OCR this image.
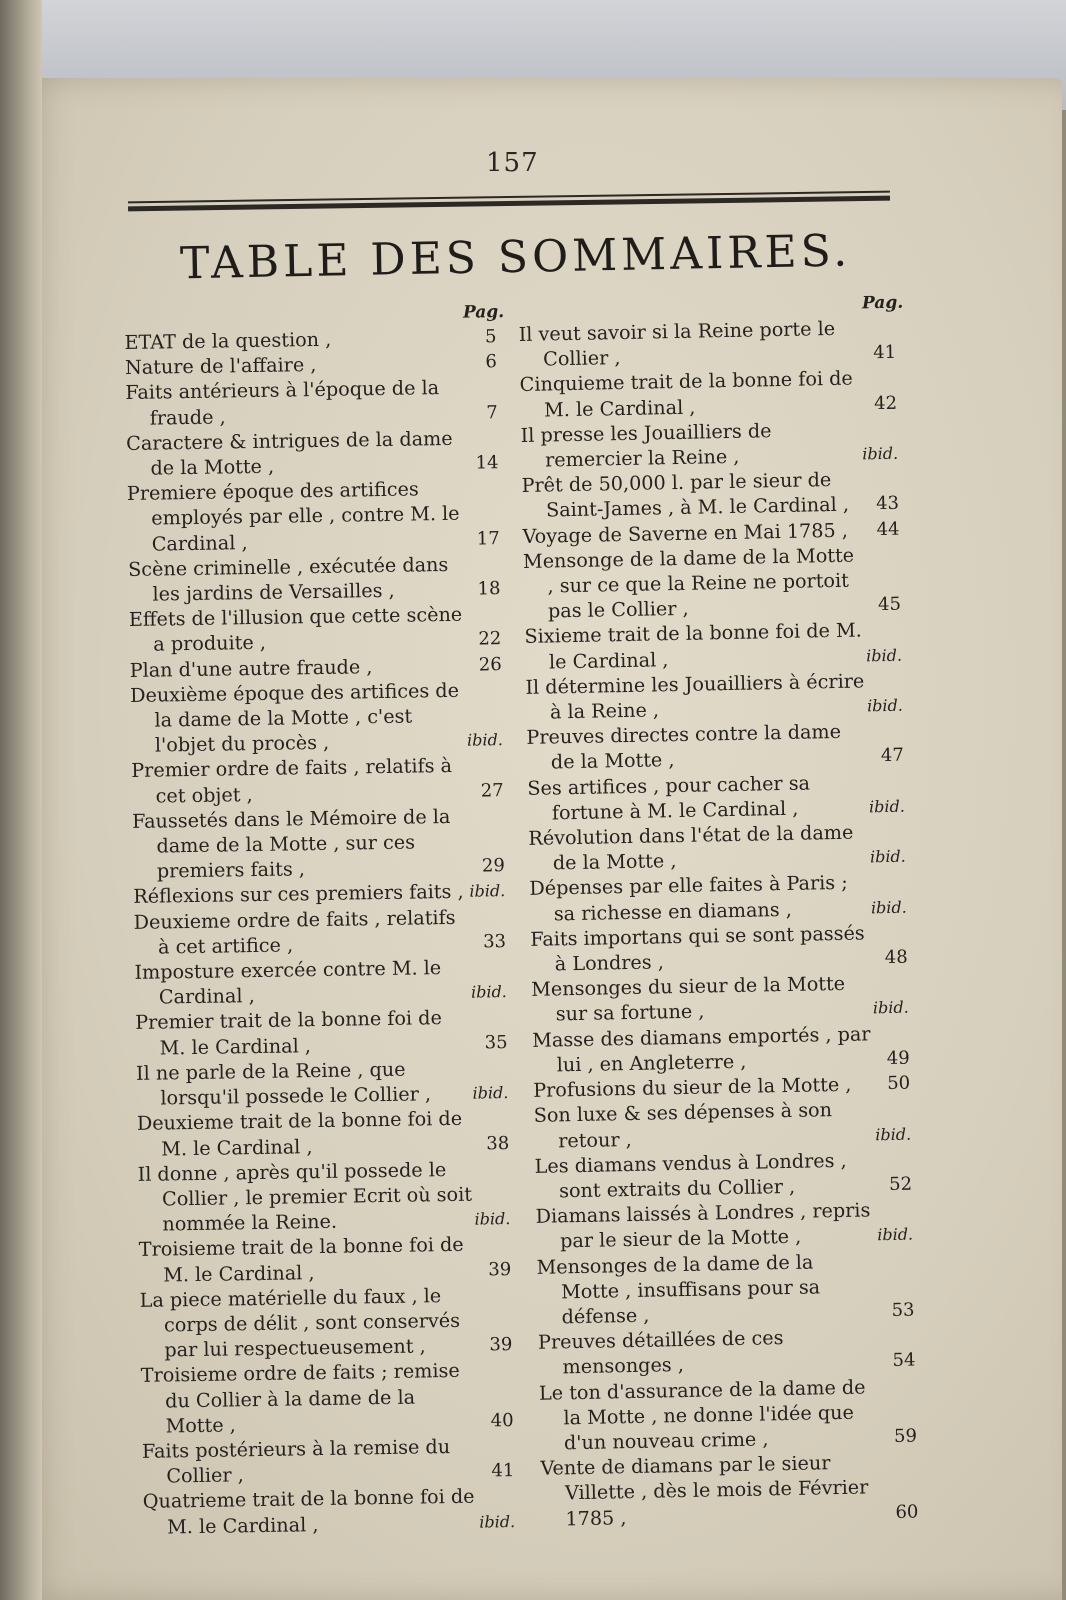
157
TABLE DES SOMMAIRES.
Pag.
ETAT de la question ,	5
Nature de l'affaire ,	6
Faits antérieurs à l'époque de la fraude ,	7
Caractere & intrigues de la dame de la Motte ,	14
Premiere époque des artifices employés par elle , contre M. le Cardinal ,	17
Scène criminelle , exécutée dans les jardins de Versailles ,	18
Effets de l'illusion que cette scène a produite ,	22
Plan d'une autre fraude ,	26
Deuxième époque des artifices de la dame de la Motte , c'est l'objet du procès ,	ibid.
Premier ordre de faits , relatifs à cet objet ,	27
Faussetés dans le Mémoire de la dame de la Motte , sur ces premiers faits ,	29
Réflexions sur ces premiers faits , ibid.
Deuxieme ordre de faits , relatifs à cet artifice ,	33
Imposture exercée contre M. le Cardinal ,	ibid.
Premier trait de la bonne foi de M. le Cardinal ,	35
Il ne parle de la Reine , que lorsqu'il possede le Collier ,	ibid.
Deuxieme trait de la bonne foi de M. le Cardinal ,	38
Il donne , après qu'il possede le Collier , le premier Ecrit où soit nommée la Reine.	ibid.
Troisieme trait de la bonne foi de M. le Cardinal ,	39
La piece matérielle du faux , le corps de délit , sont conservés par lui respectueusement ,	39
Troisieme ordre de faits ; remise du Collier à la dame de la Motte ,	40
Faits postérieurs à la remise du Collier ,	41
Quatrieme trait de la bonne foi de M. le Cardinal ,	ibid.
Pag.
Il veut savoir si la Reine porte le Collier ,	41
Cinquieme trait de la bonne foi de M. le Cardinal ,	42
Il presse les Jouailliers de remercier la Reine ,	ibid.
Prêt de 50,000 l. par le sieur de Saint-James , à M. le Cardinal ,	43
Voyage de Saverne en Mai 1785 ,	44
Mensonge de la dame de la Motte , sur ce que la Reine ne portoit pas le Collier ,	45
Sixieme trait de la bonne foi de M. le Cardinal ,	ibid.
Il détermine les Jouailliers à écrire à la Reine ,	ibid.
Preuves directes contre la dame de la Motte ,	47
Ses artifices , pour cacher sa fortune à M. le Cardinal ,	ibid.
Révolution dans l'état de la dame de la Motte ,	ibid.
Dépenses par elle faites à Paris ; sa richesse en diamans ,	ibid.
Faits importans qui se sont passés à Londres ,	48
Mensonges du sieur de la Motte sur sa fortune ,	ibid.
Masse des diamans emportés , par lui , en Angleterre ,	49
Profusions du sieur de la Motte ,	50
Son luxe & ses dépenses à son retour ,	ibid.
Les diamans vendus à Londres , sont extraits du Collier ,	52
Diamans laissés à Londres , repris par le sieur de la Motte ,	ibid.
Mensonges de la dame de la Motte , insuffisans pour sa défense ,	53
Preuves détaillées de ces mensonges ,	54
Le ton d'assurance de la dame de la Motte , ne donne l'idée que d'un nouveau crime ,	59
Vente de diamans par le sieur Villette , dès le mois de Février 1785 ,	60
